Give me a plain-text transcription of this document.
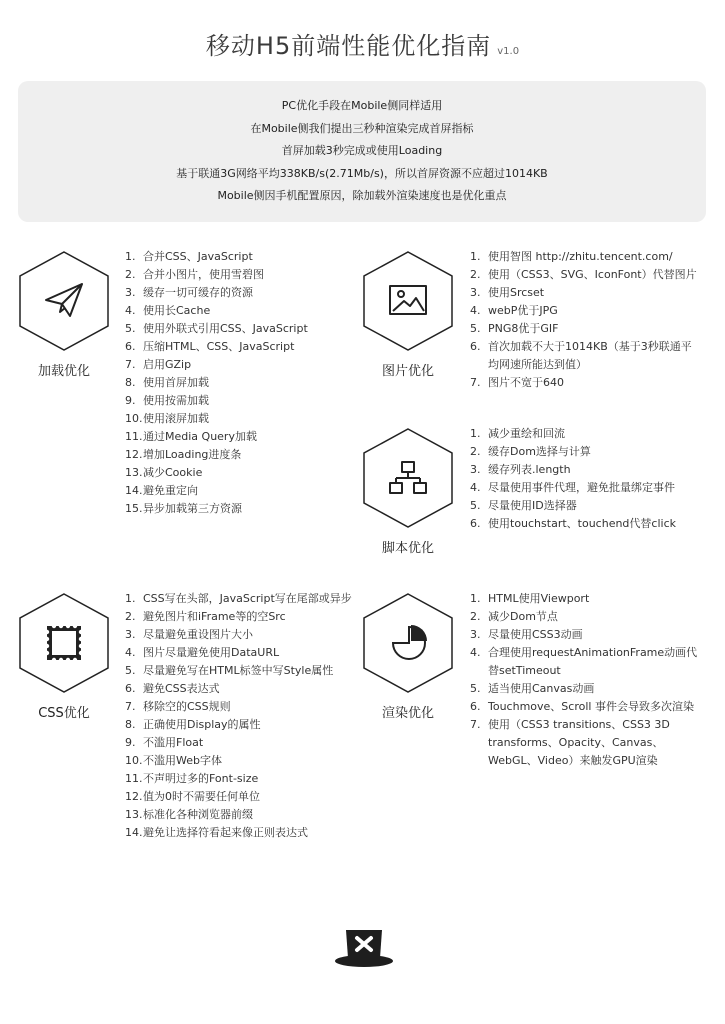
移动H5前端性能优化指南 v1.0
PC优化手段在Mobile侧同样适用
在Mobile侧我们提出三秒种渲染完成首屏指标
首屏加载3秒完成或使用Loading
基于联通3G网络平均338KB/s(2.71Mb/s)，所以首屏资源不应超过1014KB
Mobile侧因手机配置原因，除加载外渲染速度也是优化重点
加载优化
1. 合并CSS、JavaScript
2. 合并小图片，使用雪碧图
3. 缓存一切可缓存的资源
4. 使用长Cache
5. 使用外联式引用CSS、JavaScript
6. 压缩HTML、CSS、JavaScript
7. 启用GZip
8. 使用首屏加载
9. 使用按需加载
10. 使用滚屏加载
11. 通过Media Query加载
12. 增加Loading进度条
13. 减少Cookie
14. 避免重定向
15. 异步加载第三方资源
图片优化
1. 使用智图 http://zhitu.tencent.com/
2. 使用（CSS3、SVG、IconFont）代替图片
3. 使用Srcset
4. webP优于JPG
5. PNG8优于GIF
6. 首次加载不大于1014KB（基于3秒联通平均网速所能达到值）
7. 图片不宽于640
脚本优化
1. 减少重绘和回流
2. 缓存Dom选择与计算
3. 缓存列表.length
4. 尽量使用事件代理，避免批量绑定事件
5. 尽量使用ID选择器
6. 使用touchstart、touchend代替click
CSS优化
1. CSS写在头部，JavaScript写在尾部或异步
2. 避免图片和iFrame等的空Src
3. 尽量避免重设图片大小
4. 图片尽量避免使用DataURL
5. 尽量避免写在HTML标签中写Style属性
6. 避免CSS表达式
7. 移除空的CSS规则
8. 正确使用Display的属性
9. 不滥用Float
10. 不滥用Web字体
11. 不声明过多的Font-size
12. 值为0时不需要任何单位
13. 标准化各种浏览器前缀
14. 避免让选择符看起来像正则表达式
渲染优化
1. HTML使用Viewport
2. 减少Dom节点
3. 尽量使用CSS3动画
4. 合理使用requestAnimationFrame动画代替setTimeout
5. 适当使用Canvas动画
6. Touchmove、Scroll 事件会导致多次渲染
7. 使用（CSS3 transitions、CSS3 3D transforms、Opacity、Canvas、WebGL、Video）来触发GPU渲染
